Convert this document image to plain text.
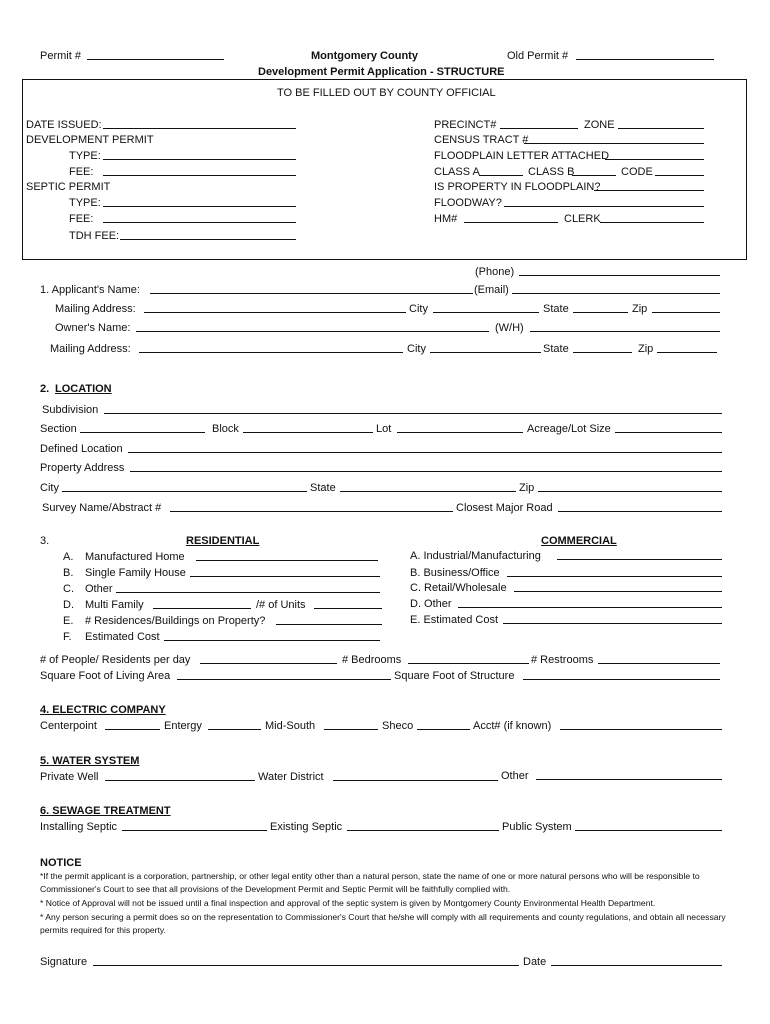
Permit #	Montgomery County
Development Permit Application - STRUCTURE
Old Permit #
TO BE FILLED OUT BY COUNTY OFFICIAL
DATE ISSUED:
DEVELOPMENT PERMIT
TYPE:
FEE:
SEPTIC PERMIT
TYPE:
FEE:
TDH FEE:
PRECINCT#	ZONE
CENSUS TRACT #
FLOODPLAIN LETTER ATTACHED
CLASS A	CLASS B	CODE
IS PROPERTY IN FLOODPLAIN?
FLOODWAY?
HM#	CLERK
(Phone)
1. Applicant's Name:	(Email)
Mailing Address:	City	State	Zip
Owner's Name:	(W/H)
Mailing Address:	City	State	Zip
2. LOCATION
Subdivision
Section	Block	Lot	Acreage/Lot Size
Defined Location
Property Address
City	State	Zip
Survey Name/Abstract #	Closest Major Road
3.	RESIDENTIAL	COMMERCIAL
A. Manufactured Home
B. Single Family House
C. Other
D. Multi Family	/# of Units
E. # Residences/Buildings on Property?
F. Estimated Cost
A. Industrial/Manufacturing
B. Business/Office
C. Retail/Wholesale
D. Other
E. Estimated Cost
# of People/ Residents per day	# Bedrooms	# Restrooms
Square Foot of Living Area	Square Foot of Structure
4. ELECTRIC COMPANY
Centerpoint	Entergy	Mid-South	Sheco	Acct# (if known)
5. WATER SYSTEM
Private Well	Water District	Other
6. SEWAGE TREATMENT
Installing Septic	Existing Septic	Public System
NOTICE
*If the permit applicant is a corporation, partnership, or other legal entity other than a natural person, state the name of one or more natural persons who will be responsible to Commissioner's Court to see that all provisions of the Development Permit and Septic Permit will be faithfully complied with.
* Notice of Approval will not be issued until a final inspection and approval of the septic system is given by Montgomery County Environmental Health Department.
* Any person securing a permit does so on the representation to Commissioner's Court that he/she will comply with all requirements and county regulations, and obtain all necessary permits required for this property.
Signature	Date
